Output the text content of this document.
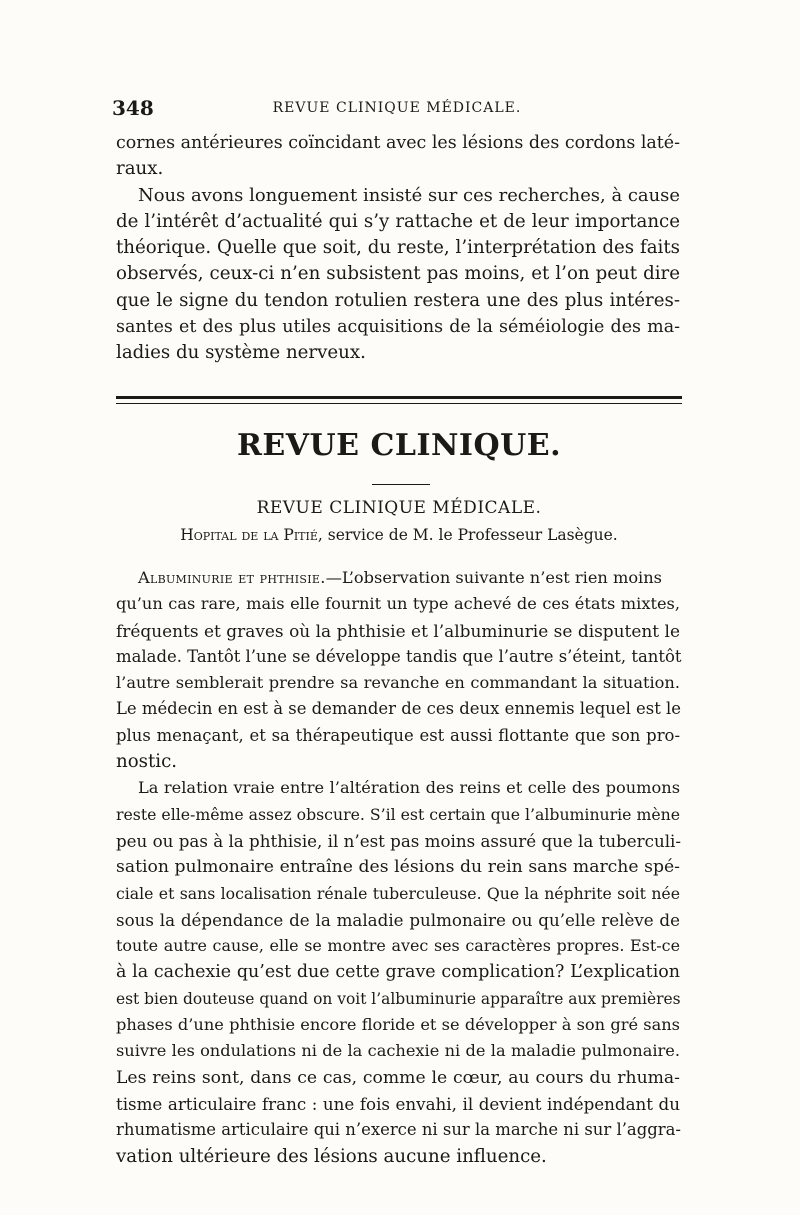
348	REVUE CLINIQUE MÉDICALE.
cornes antérieures coïncidant avec les lésions des cordons laté-
raux.
Nous avons longuement insisté sur ces recherches, à cause
de l’intérêt d’actualité qui s’y rattache et de leur importance
théorique. Quelle que soit, du reste, l’interprétation des faits
observés, ceux-ci n’en subsistent pas moins, et l’on peut dire
que le signe du tendon rotulien restera une des plus intéres-
santes et des plus utiles acquisitions de la séméiologie des ma-
ladies du système nerveux.
REVUE CLINIQUE.
REVUE CLINIQUE MÉDICALE.
Hopital de la Pitié, service de M. le Professeur Lasègue.
Albuminurie et phthisie.—L’observation suivante n’est rien moins
qu’un cas rare, mais elle fournit un type achevé de ces états mixtes,
fréquents et graves où la phthisie et l’albuminurie se disputent le
malade. Tantôt l’une se développe tandis que l’autre s’éteint, tantôt
l’autre semblerait prendre sa revanche en commandant la situation.
Le médecin en est à se demander de ces deux ennemis lequel est le
plus menaçant, et sa thérapeutique est aussi flottante que son pro-
nostic.
La relation vraie entre l’altération des reins et celle des poumons
reste elle-même assez obscure. S’il est certain que l’albuminurie mène
peu ou pas à la phthisie, il n’est pas moins assuré que la tuberculi-
sation pulmonaire entraîne des lésions du rein sans marche spé-
ciale et sans localisation rénale tuberculeuse. Que la néphrite soit née
sous la dépendance de la maladie pulmonaire ou qu’elle relève de
toute autre cause, elle se montre avec ses caractères propres. Est-ce
à la cachexie qu’est due cette grave complication? L’explication
est bien douteuse quand on voit l’albuminurie apparaître aux premières
phases d’une phthisie encore floride et se développer à son gré sans
suivre les ondulations ni de la cachexie ni de la maladie pulmonaire.
Les reins sont, dans ce cas, comme le cœur, au cours du rhuma-
tisme articulaire franc : une fois envahi, il devient indépendant du
rhumatisme articulaire qui n’exerce ni sur la marche ni sur l’aggra-
vation ultérieure des lésions aucune influence.
